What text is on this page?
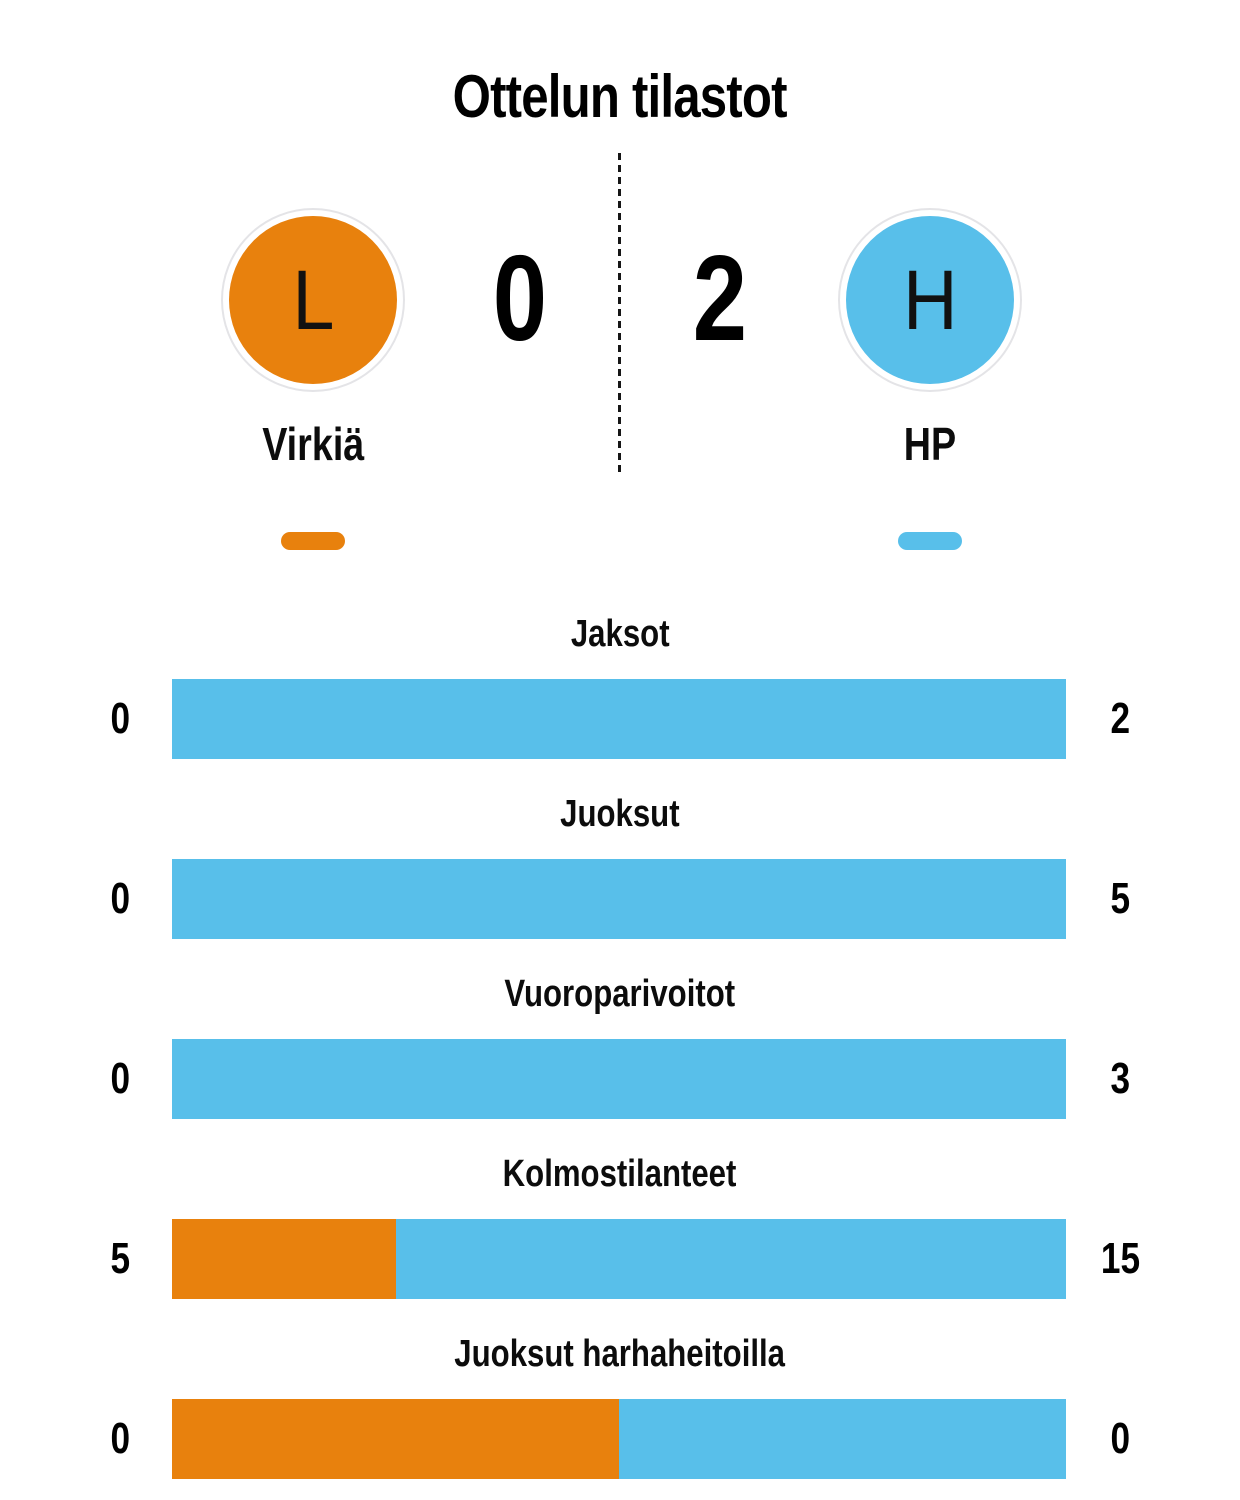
Ottelun tilastot
L
Virkiä
0	2	H
HP
Jaksot
0	2
Juoksut
0	5
Vuoroparivoitot
0	3
Kolmostilanteet
5	15
Juoksut harhaheitoilla
0	0
